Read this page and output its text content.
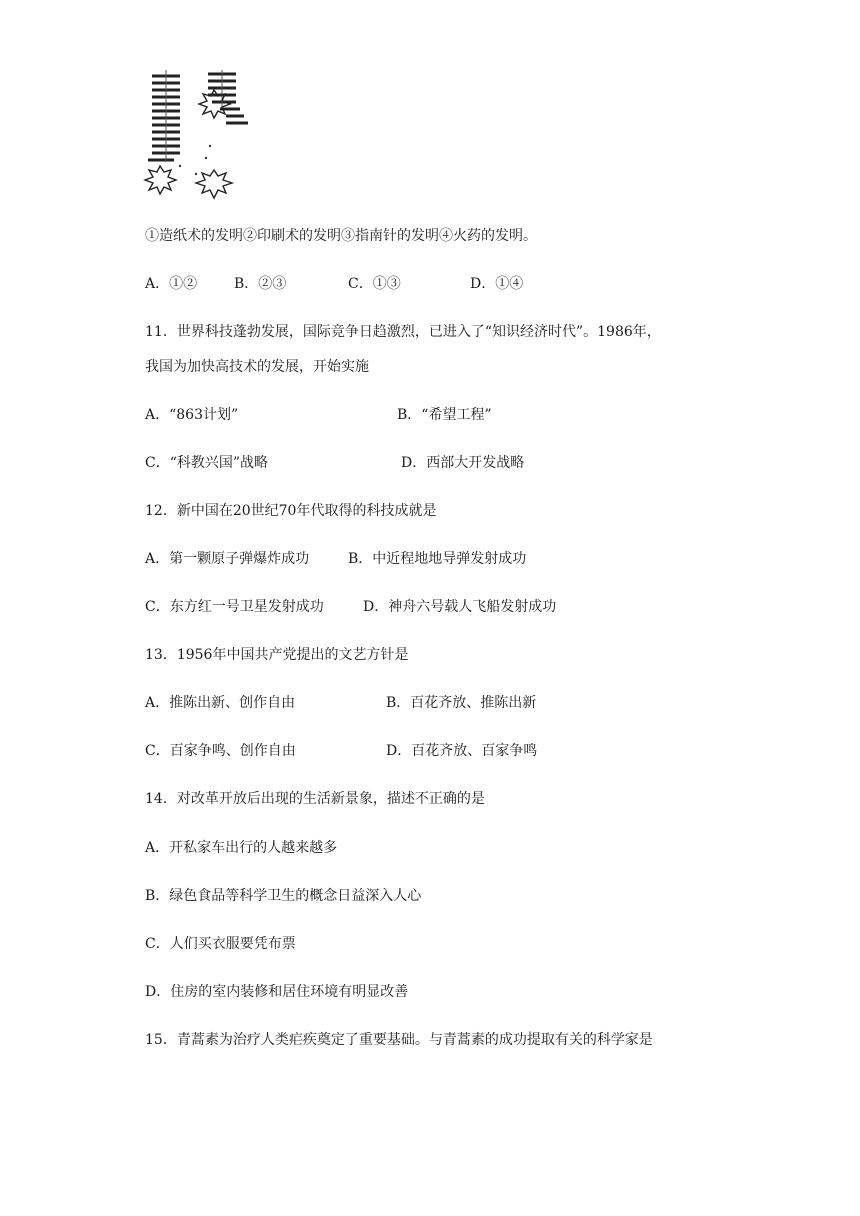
①造纸术的发明②印刷术的发明③指南针的发明④火药的发明。
A．①②	B．②③	C．①③	D．①④
11．世界科技蓬勃发展，国际竞争日趋激烈，已进入了“知识经济时代”。1986年，
我国为加快高技术的发展，开始实施
A．“863计划”	B．“希望工程”
C．“科教兴国”战略	D．西部大开发战略
12．新中国在20世纪70年代取得的科技成就是
A．第一颗原子弹爆炸成功	B．中近程地地导弹发射成功
C．东方红一号卫星发射成功	D．神舟六号载人飞船发射成功
13．1956年中国共产党提出的文艺方针是
A．推陈出新、创作自由	B．百花齐放、推陈出新
C．百家争鸣、创作自由	D．百花齐放、百家争鸣
14．对改革开放后出现的生活新景象，描述不正确的是
A．开私家车出行的人越来越多
B．绿色食品等科学卫生的概念日益深入人心
C．人们买衣服要凭布票
D．住房的室内装修和居住环境有明显改善
15．青蒿素为治疗人类疟疾奠定了重要基础。与青蒿素的成功提取有关的科学家是
